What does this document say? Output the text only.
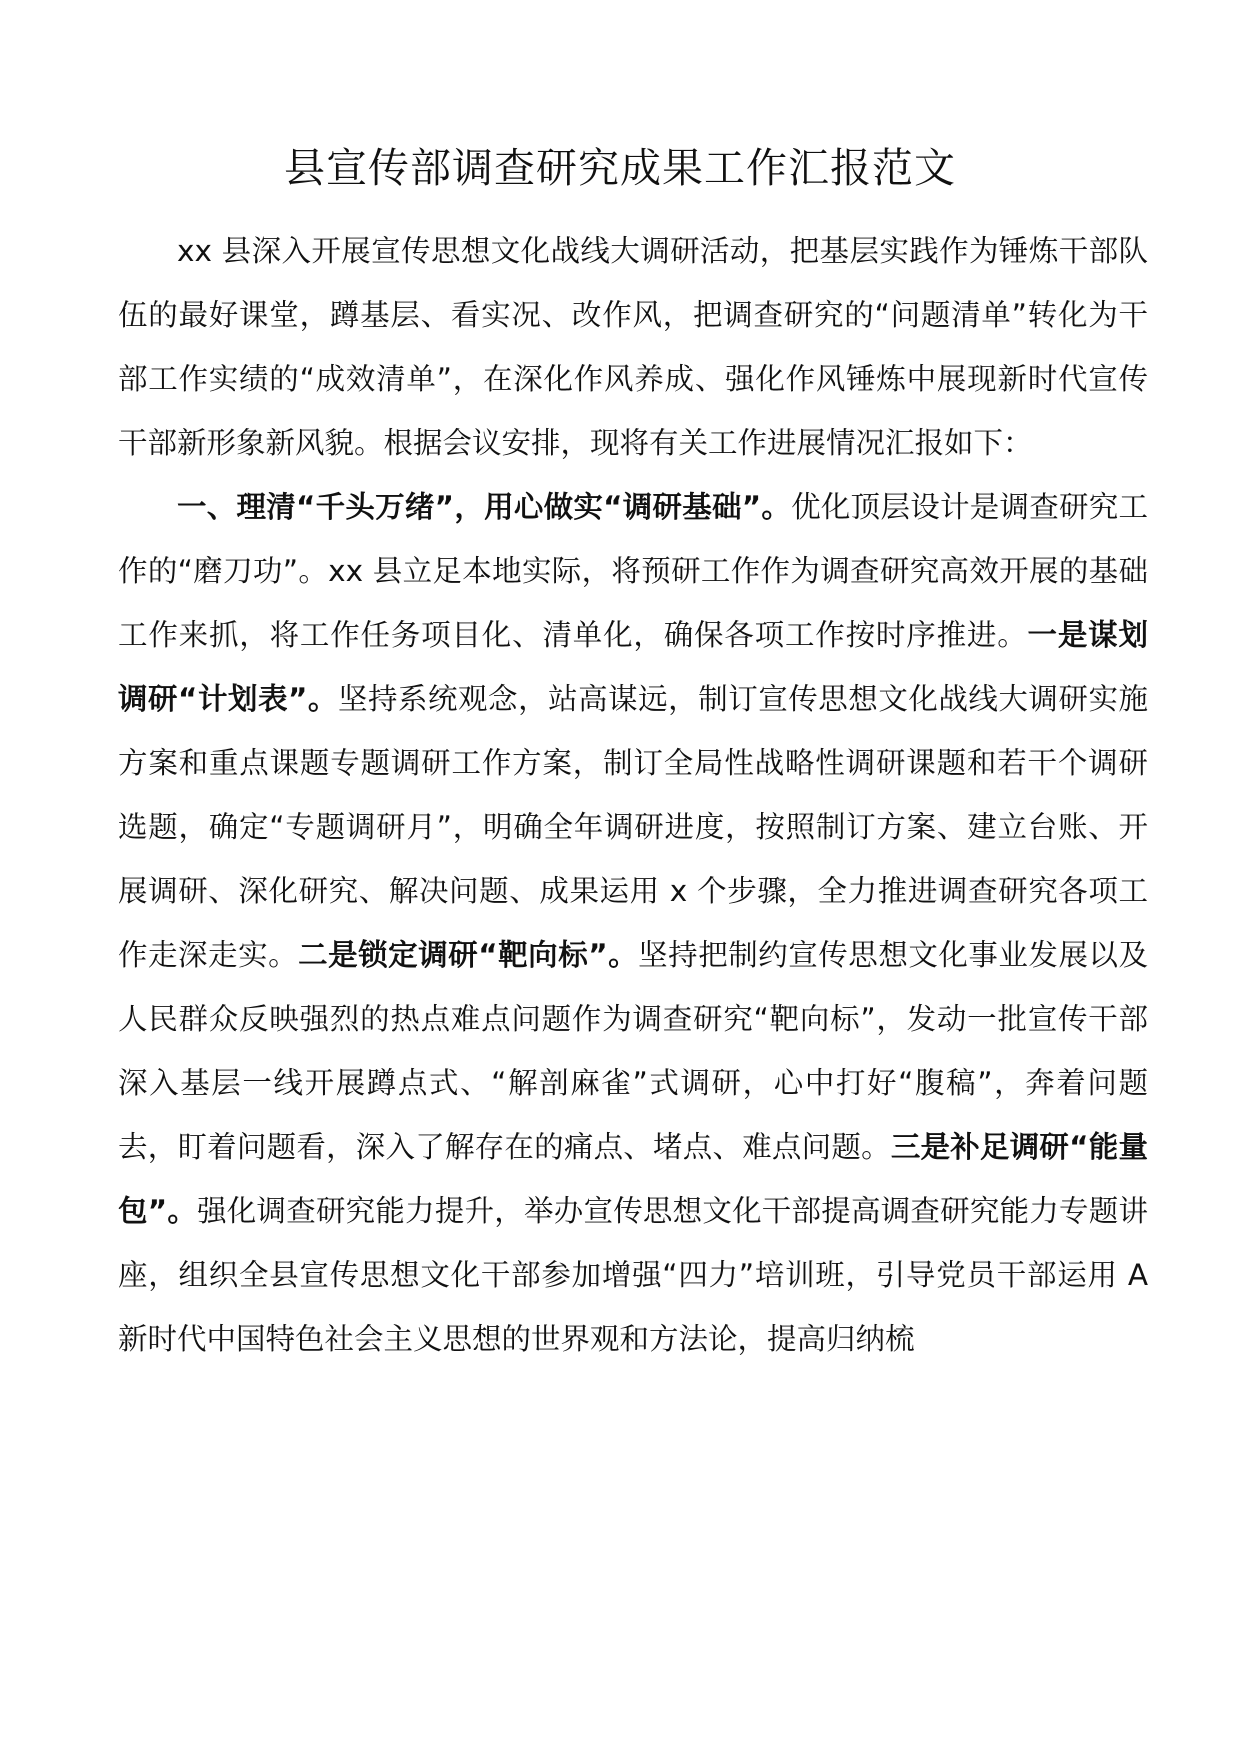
县宣传部调查研究成果工作汇报范文

xx 县深入开展宣传思想文化战线大调研活动，把基层实践作为锤炼干部队伍的最好课堂，蹲基层、看实况、改作风，把调查研究的“问题清单”转化为干部工作实绩的“成效清单”，在深化作风养成、强化作风锤炼中展现新时代宣传干部新形象新风貌。根据会议安排，现将有关工作进展情况汇报如下：

一、理清“千头万绪”，用心做实“调研基础”。优化顶层设计是调查研究工作的“磨刀功”。xx 县立足本地实际，将预研工作作为调查研究高效开展的基础工作来抓，将工作任务项目化、清单化，确保各项工作按时序推进。一是谋划调研“计划表”。坚持系统观念，站高谋远，制订宣传思想文化战线大调研实施方案和重点课题专题调研工作方案，制订全局性战略性调研课题和若干个调研选题，确定“专题调研月”，明确全年调研进度，按照制订方案、建立台账、开展调研、深化研究、解决问题、成果运用 x 个步骤，全力推进调查研究各项工作走深走实。二是锁定调研“靶向标”。坚持把制约宣传思想文化事业发展以及人民群众反映强烈的热点难点问题作为调查研究“靶向标”，发动一批宣传干部深入基层一线开展蹲点式、“解剖麻雀”式调研，心中打好“腹稿”，奔着问题去，盯着问题看，深入了解存在的痛点、堵点、难点问题。三是补足调研“能量包”。强化调查研究能力提升，举办宣传思想文化干部提高调查研究能力专题讲座，组织全县宣传思想文化干部参加增强“四力”培训班，引导党员干部运用 A 新时代中国特色社会主义思想的世界观和方法论，提高归纳梳
